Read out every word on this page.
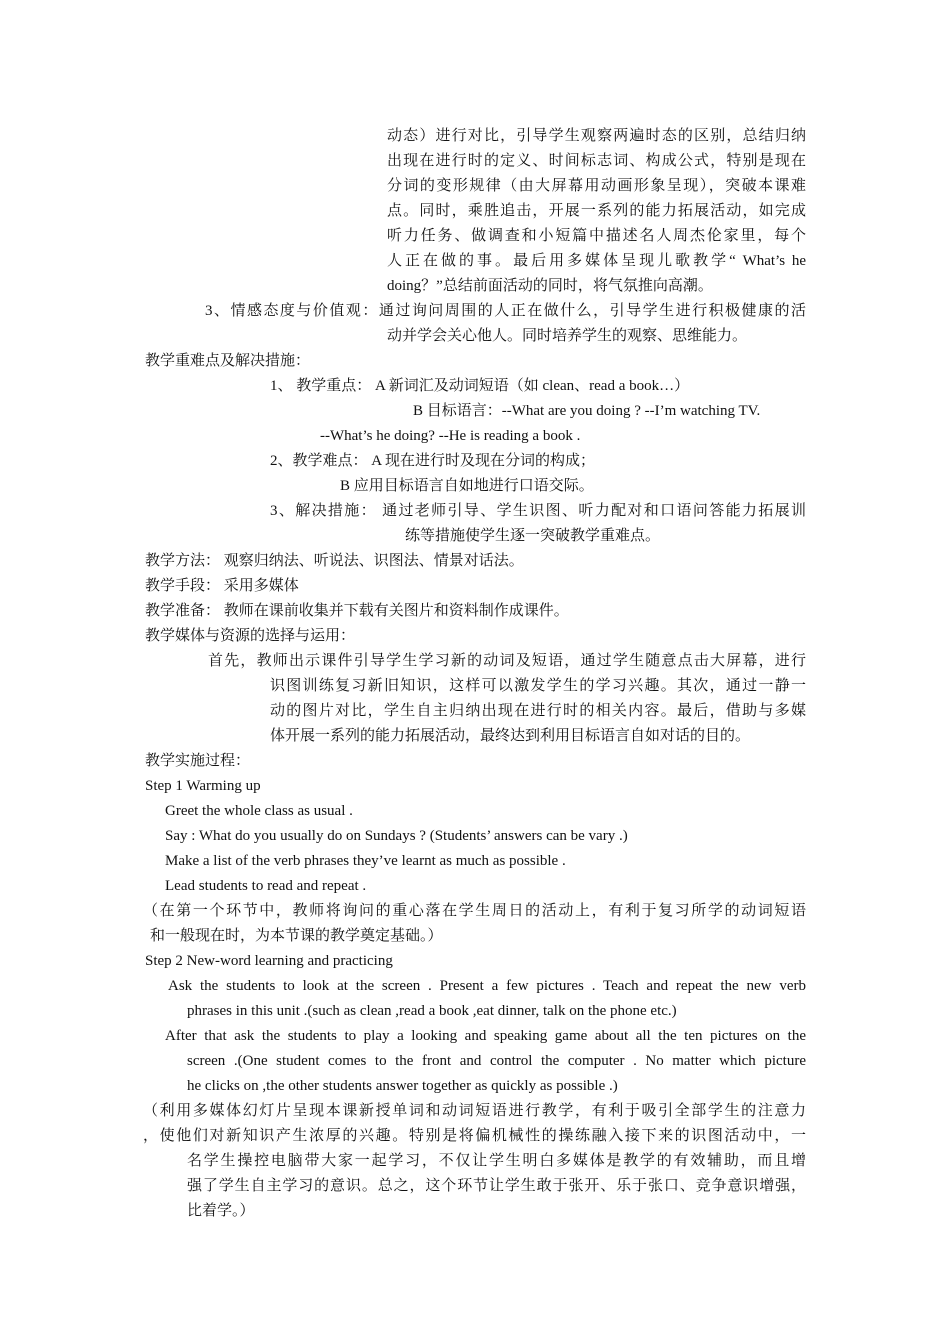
动态）进行对比，引导学生观察两遍时态的区别，总结归纳
出现在进行时的定义、时间标志词、构成公式，特别是现在
分词的变形规律（由大屏幕用动画形象呈现），突破本课难
点。同时，乘胜追击，开展一系列的能力拓展活动，如完成
听力任务、做调查和小短篇中描述名人周杰伦家里，每个
人正在做的事。最后用多媒体呈现儿歌教学“ What’s he
doing？”总结前面活动的同时，将气氛推向高潮。
3、情感态度与价值观：通过询问周围的人正在做什么，引导学生进行积极健康的活
动并学会关心他人。同时培养学生的观察、思维能力。
教学重难点及解决措施：
1、 教学重点： A 新词汇及动词短语（如 clean、read a book…）
B 目标语言：--What are you doing ? --I’m watching TV.
--What’s he doing? --He is reading a book .
2、教学难点： A 现在进行时及现在分词的构成；
B 应用目标语言自如地进行口语交际。
3、解决措施： 通过老师引导、学生识图、听力配对和口语问答能力拓展训
练等措施使学生逐一突破教学重难点。
教学方法： 观察归纳法、听说法、识图法、情景对话法。
教学手段： 采用多媒体
教学准备： 教师在课前收集并下载有关图片和资料制作成课件。
教学媒体与资源的选择与运用：
首先，教师出示课件引导学生学习新的动词及短语，通过学生随意点击大屏幕，进行
识图训练复习新旧知识，这样可以激发学生的学习兴趣。其次，通过一静一
动的图片对比，学生自主归纳出现在进行时的相关内容。最后，借助与多媒
体开展一系列的能力拓展活动，最终达到利用目标语言自如对话的目的。
教学实施过程：
Step 1 Warming up
Greet the whole class as usual .
Say : What do you usually do on Sundays ? (Students’ answers can be vary .)
Make a list of the verb phrases they’ve learnt as much as possible .
Lead students to read and repeat .
（在第一个环节中，教师将询问的重心落在学生周日的活动上，有利于复习所学的动词短语
和一般现在时，为本节课的教学奠定基础。）
Step 2 New-word learning and practicing
Ask the students to look at the screen . Present a few pictures . Teach and repeat the new verb
phrases in this unit .(such as clean ,read a book ,eat dinner, talk on the phone etc.)
After that ask the students to play a looking and speaking game about all the ten pictures on the
screen .(One student comes to the front and control the computer . No matter which picture
he clicks on ,the other students answer together as quickly as possible .)
（利用多媒体幻灯片呈现本课新授单词和动词短语进行教学，有利于吸引全部学生的注意力
，使他们对新知识产生浓厚的兴趣。特别是将偏机械性的操练融入接下来的识图活动中，一
名学生操控电脑带大家一起学习，不仅让学生明白多媒体是教学的有效辅助，而且增
强了学生自主学习的意识。总之，这个环节让学生敢于张开、乐于张口、竞争意识增强，
比着学。）
